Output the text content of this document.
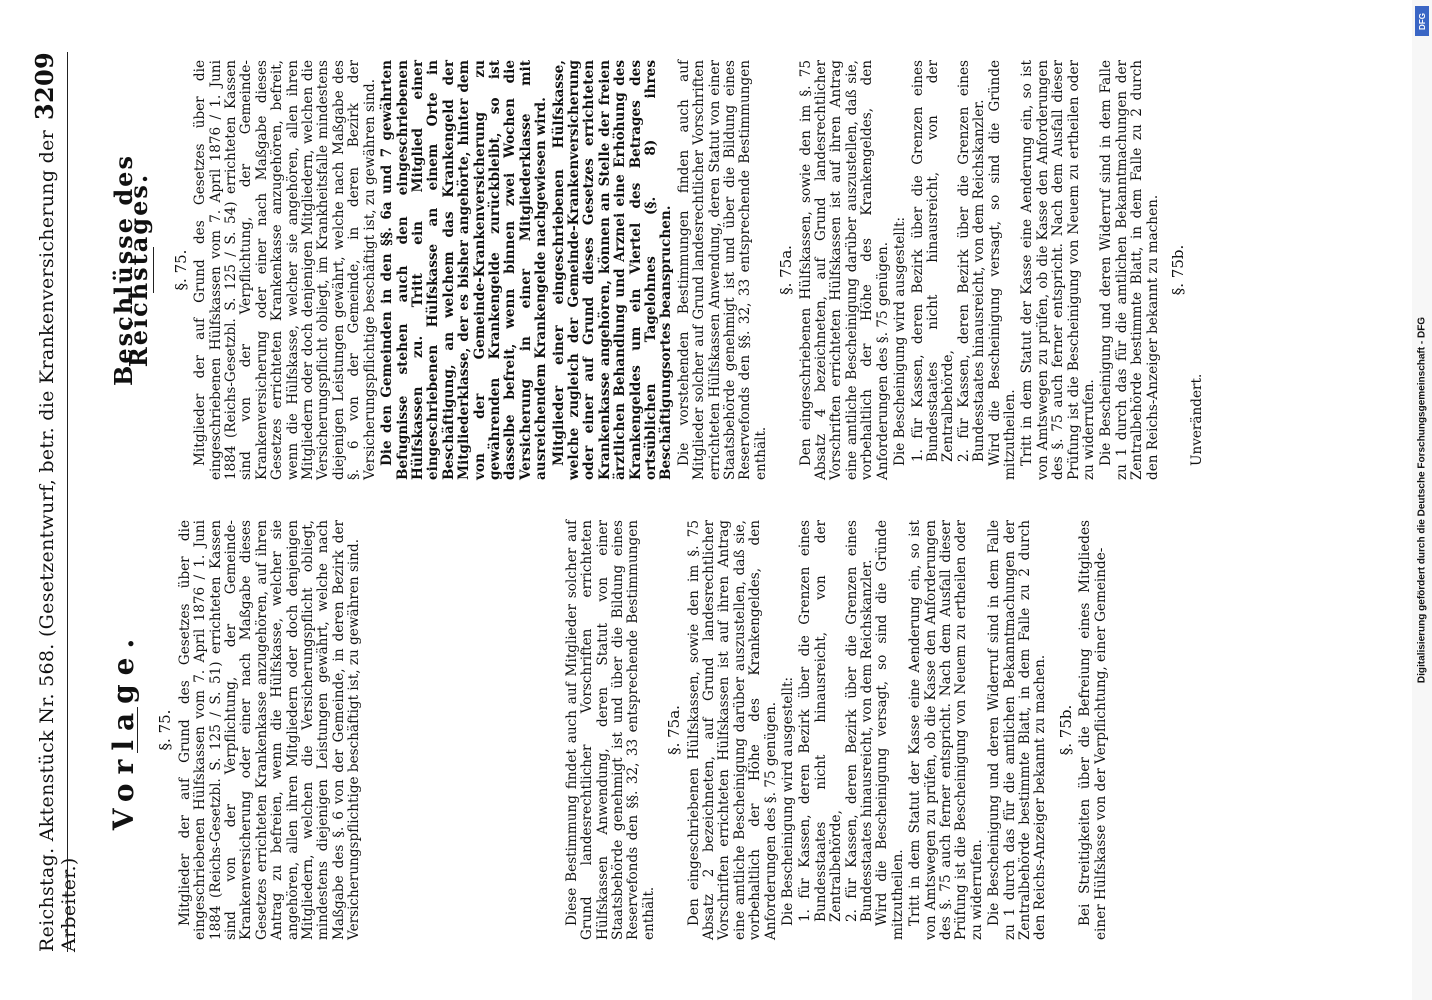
Reichstag. Aktenstück Nr. 568. (Gesetzentwurf, betr. die Krankenversicherung der Arbeiter.)
3209
Vorlage. §. 75. Mitglieder der auf Grund des Gesetzes über die eingeschriebenen Hülfskassen vom 7. April 1876 / 1. Juni 1884 (Reichs-Gesetzbl. S. 125 / S. 51) errichteten Kassen sind von der Verpflichtung, der Gemeinde-Krankenversicherung oder einer nach Maßgabe dieses Gesetzes errichteten Krankenkasse anzugehören, auf ihren Antrag zu befreien, wenn die Hülfskasse, welcher sie angehören, allen ihren Mitgliedern oder doch denjenigen Mitgliedern, welchen die Versicherungspflicht obliegt, mindestens diejenigen Leistungen gewährt, welche nach Maßgabe des §. 6 von der Gemeinde, in deren Bezirk der Versicherungspflichtige beschäftigt ist, zu gewähren sind.	Diese Bestimmung findet auch auf Mitglieder solcher auf Grund landesrechtlicher Vorschriften errichteten Hülfskassen Anwendung, deren Statut von einer Staatsbehörde genehmigt ist und über die Bildung eines Reservefonds den §§. 32, 33 entsprechende Bestimmungen enthält.

§. 75a. Den eingeschriebenen Hülfskassen, sowie den im §. 75 Absatz 2 bezeichneten, auf Grund landesrechtlicher Vorschriften errichteten Hülfskassen ist auf ihren Antrag eine amtliche Bescheinigung darüber auszustellen, daß sie, vorbehaltlich der Höhe des Krankengeldes, den Anforderungen des §. 75 genügen. Die Bescheinigung wird ausgestellt: 1. für Kassen, deren Bezirk über die Grenzen eines Bundesstaates nicht hinausreicht, von der Zentralbehörde, 2. für Kassen, deren Bezirk über die Grenzen eines Bundesstaates hinausreicht, von dem Reichskanzler. Wird die Bescheinigung versagt, so sind die Gründe mitzutheilen. Tritt in dem Statut der Kasse eine Aenderung ein, so ist von Amtswegen zu prüfen, ob die Kasse den Anforderungen des §. 75 auch ferner entspricht. Nach dem Ausfall dieser Prüfung ist die Bescheinigung von Neuem zu ertheilen oder zu widerrufen. Die Bescheinigung und deren Widerruf sind in dem Falle zu 1 durch das für die amtlichen Bekanntmachungen der Zentralbehörde bestimmte Blatt, in dem Falle zu 2 durch den Reichs-Anzeiger bekannt zu machen. §. 75b. Bei Streitigkeiten über die Befreiung eines Mitgliedes einer Hülfskasse von der Verpflichtung, einer Gemeinde-

Beschlüsse des Reichstages. §. 75. Mitglieder der auf Grund des Gesetzes über die eingeschriebenen Hülfskassen vom 7. April 1876 / 1. Juni 1884 (Reichs-Gesetzbl. S. 125 / S. 54) errichteten Kassen sind von der Verpflichtung, der Gemeinde-Krankenversicherung oder einer nach Maßgabe dieses Gesetzes errichteten Krankenkasse anzugehören, befreit, wenn die Hülfskasse, welcher sie angehören, allen ihren Mitgliedern oder doch denjenigen Mitgliedern, welchen die Versicherungspflicht obliegt, im Krankheitsfalle mindestens diejenigen Leistungen gewährt, welche nach Maßgabe des §. 6 von der Gemeinde, in deren Bezirk der Versicherungspflichtige beschäftigt ist, zu gewähren sind. Die den Gemeinden in den §§. 6a und 7 gewährten Befugnisse stehen auch den eingeschriebenen Hülfskassen zu. Tritt ein Mitglied einer eingeschriebenen Hülfskasse an einem Orte in Beschäftigung, an welchem das Krankengeld der Mitgliederklasse, der es bisher angehörte, hinter dem von der Gemeinde-Krankenversicherung zu gewährenden Krankengelde zurückbleibt, so ist dasselbe befreit, wenn binnen zwei Wochen die Versicherung in einer Mitgliederklasse mit ausreichendem Krankengelde nachgewiesen wird. Mitglieder einer eingeschriebenen Hülfskasse, welche zugleich der Gemeinde-Krankenversicherung oder einer auf Grund dieses Gesetzes errichteten Krankenkasse angehören, können an Stelle der freien ärztlichen Behandlung und Arznei eine Erhöhung des Krankengeldes um ein Viertel des Betrages des ortsüblichen Tagelohnes (§. 8) ihres Beschäftigungsortes beanspruchen. Die vorstehenden Bestimmungen finden auch auf Mitglieder solcher auf Grund landesrechtlicher Vorschriften errichteten Hülfskassen Anwendung, deren Statut von einer Staatsbehörde genehmigt ist und über die Bildung eines Reservefonds den §§. 32, 33 entsprechende Bestimmungen enthält.

§. 75a. Den eingeschriebenen Hülfskassen, sowie den im §. 75 Absatz 4 bezeichneten, auf Grund landesrechtlicher Vorschriften errichteten Hülfskassen ist auf ihren Antrag eine amtliche Bescheinigung darüber auszustellen, daß sie, vorbehaltlich der Höhe des Krankengeldes, den Anforderungen des §. 75 genügen. Die Bescheinigung wird ausgestellt: 1. für Kassen, deren Bezirk über die Grenzen eines Bundesstaates nicht hinausreicht, von der Zentralbehörde, 2. für Kassen, deren Bezirk über die Grenzen eines Bundesstaates hinausreicht, von dem Reichskanzler. Wird die Bescheinigung versagt, so sind die Gründe mitzutheilen. Tritt in dem Statut der Kasse eine Aenderung ein, so ist von Amtswegen zu prüfen, ob die Kasse den Anforderungen des §. 75 auch ferner entspricht. Nach dem Ausfall dieser Prüfung ist die Bescheinigung von Neuem zu ertheilen oder zu widerrufen. Die Bescheinigung und deren Widerruf sind in dem Falle zu 1 durch das für die amtlichen Bekanntmachungen der Zentralbehörde bestimmte Blatt, in dem Falle zu 2 durch den Reichs-Anzeiger bekannt zu machen. §. 75b.

Unverändert.

DFG
Digitalisierung gefördert durch die Deutsche Forschungsgemeinschaft - DFG
